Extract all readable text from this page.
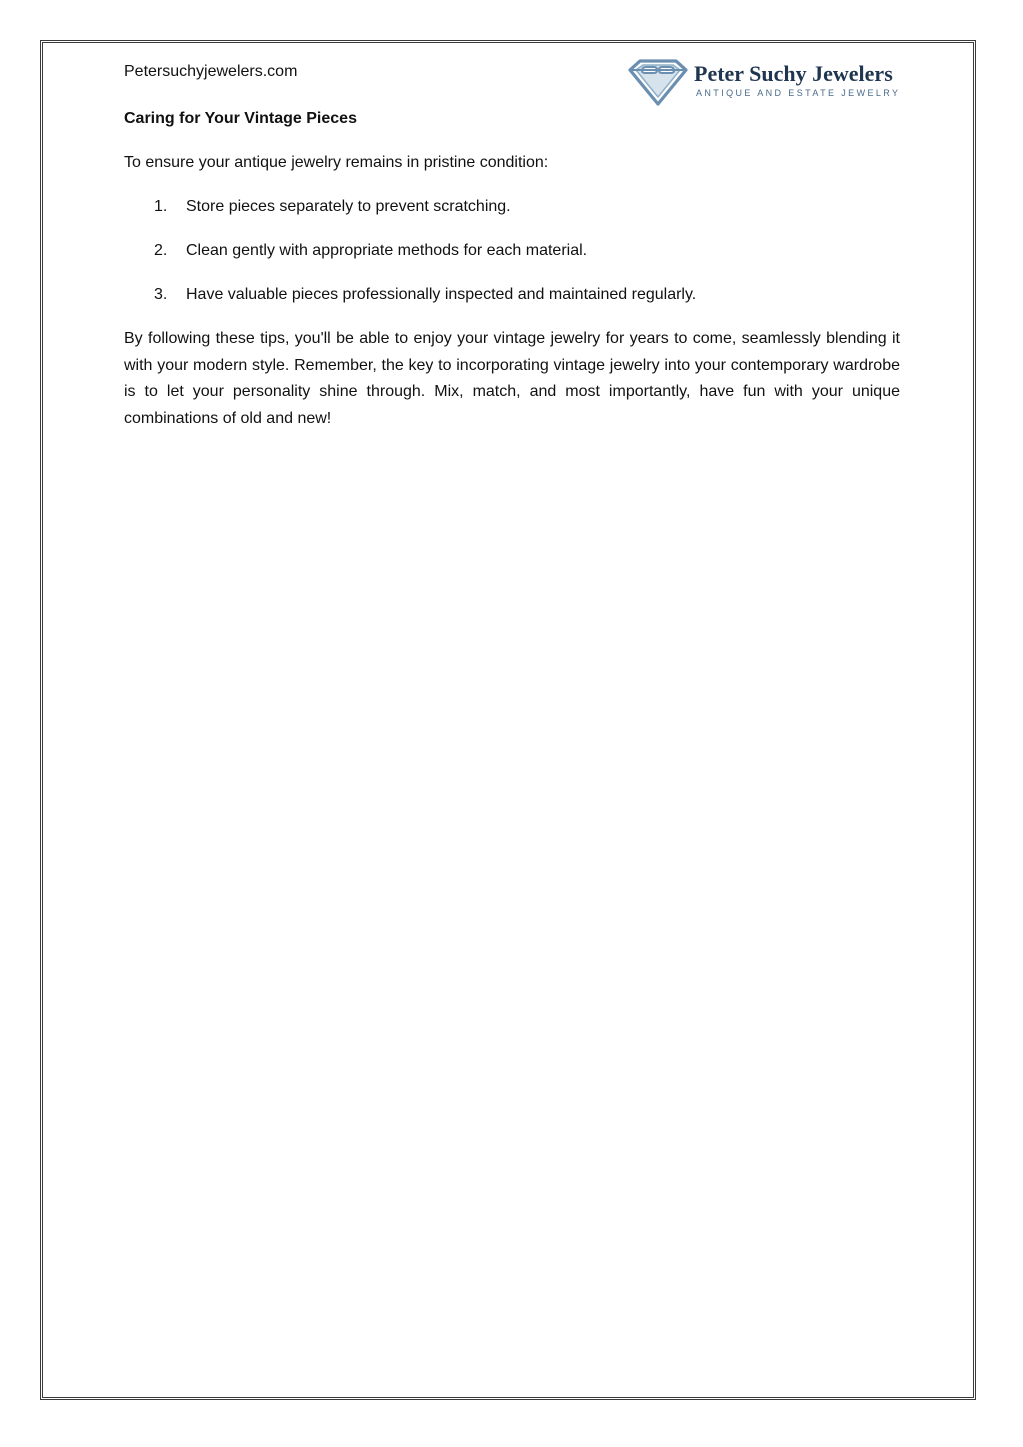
Petersuchyjewelers.com	Peter Suchy Jewelers
ANTIQUE AND ESTATE JEWELRY
Caring for Your Vintage Pieces
To ensure your antique jewelry remains in pristine condition:
1. Store pieces separately to prevent scratching.
2. Clean gently with appropriate methods for each material.
3. Have valuable pieces professionally inspected and maintained regularly.

By following these tips, you'll be able to enjoy your vintage jewelry for years to come, seamlessly blending it with your modern style. Remember, the key to incorporating vintage jewelry into your contemporary wardrobe is to let your personality shine through. Mix, match, and most importantly, have fun with your unique combinations of old and new!
